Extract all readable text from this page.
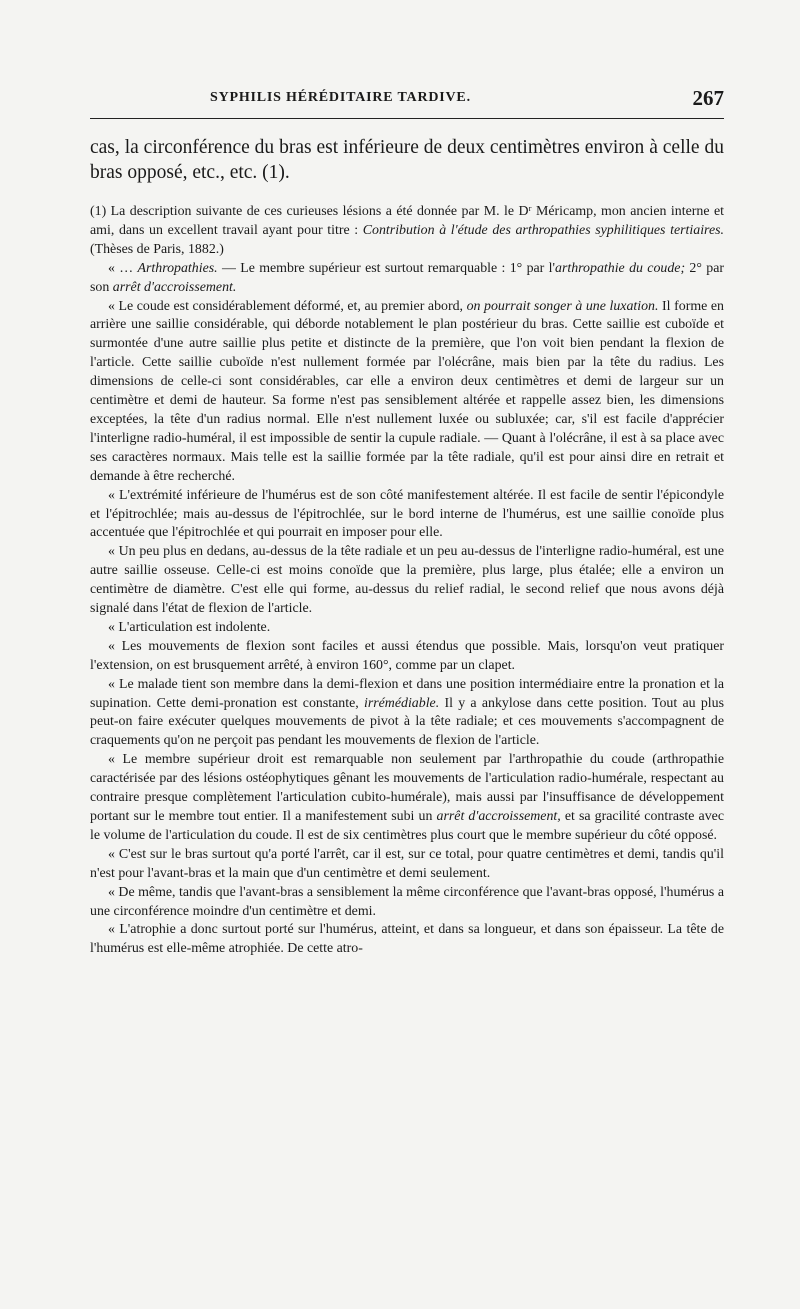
SYPHILIS HÉRÉDITAIRE TARDIVE.	267

cas, la circonférence du bras est inférieure de deux centimètres environ à celle du bras opposé, etc., etc. (1).

(1) La description suivante de ces curieuses lésions a été donnée par M. le Dʳ Méricamp, mon ancien interne et ami, dans un excellent travail ayant pour titre : Contribution à l'étude des arthropathies syphilitiques tertiaires. (Thèses de Paris, 1882.)

« … Arthropathies. — Le membre supérieur est surtout remarquable : 1° par l'arthropathie du coude; 2° par son arrêt d'accroissement.

« Le coude est considérablement déformé, et, au premier abord, on pourrait songer à une luxation. Il forme en arrière une saillie considérable, qui déborde notablement le plan postérieur du bras. Cette saillie est cuboïde et surmontée d'une autre saillie plus petite et distincte de la première, que l'on voit bien pendant la flexion de l'article. Cette saillie cuboïde n'est nullement formée par l'olécrâne, mais bien par la tête du radius. Les dimensions de celle-ci sont considérables, car elle a environ deux centimètres et demi de largeur sur un centimètre et demi de hauteur. Sa forme n'est pas sensiblement altérée et rappelle assez bien, les dimensions exceptées, la tête d'un radius normal. Elle n'est nullement luxée ou subluxée; car, s'il est facile d'apprécier l'interligne radio-huméral, il est impossible de sentir la cupule radiale. — Quant à l'olécrâne, il est à sa place avec ses caractères normaux. Mais telle est la saillie formée par la tête radiale, qu'il est pour ainsi dire en retrait et demande à être recherché.

« L'extrémité inférieure de l'humérus est de son côté manifestement altérée. Il est facile de sentir l'épicondyle et l'épitrochlée; mais au-dessus de l'épitrochlée, sur le bord interne de l'humérus, est une saillie conoïde plus accentuée que l'épitrochlée et qui pourrait en imposer pour elle.

« Un peu plus en dedans, au-dessus de la tête radiale et un peu au-dessus de l'interligne radio-huméral, est une autre saillie osseuse. Celle-ci est moins conoïde que la première, plus large, plus étalée; elle a environ un centimètre de diamètre. C'est elle qui forme, au-dessus du relief radial, le second relief que nous avons déjà signalé dans l'état de flexion de l'article.

« L'articulation est indolente.

« Les mouvements de flexion sont faciles et aussi étendus que possible. Mais, lorsqu'on veut pratiquer l'extension, on est brusquement arrêté, à environ 160°, comme par un clapet.

« Le malade tient son membre dans la demi-flexion et dans une position intermédiaire entre la pronation et la supination. Cette demi-pronation est constante, irrémédiable. Il y a ankylose dans cette position. Tout au plus peut-on faire exécuter quelques mouvements de pivot à la tête radiale; et ces mouvements s'accompagnent de craquements qu'on ne perçoit pas pendant les mouvements de flexion de l'article.

« Le membre supérieur droit est remarquable non seulement par l'arthropathie du coude (arthropathie caractérisée par des lésions ostéophytiques gênant les mouvements de l'articulation radio-humérale, respectant au contraire presque complètement l'articulation cubito-humérale), mais aussi par l'insuffisance de développement portant sur le membre tout entier. Il a manifestement subi un arrêt d'accroissement, et sa gracilité contraste avec le volume de l'articulation du coude. Il est de six centimètres plus court que le membre supérieur du côté opposé.

« C'est sur le bras surtout qu'a porté l'arrêt, car il est, sur ce total, pour quatre centimètres et demi, tandis qu'il n'est pour l'avant-bras et la main que d'un centimètre et demi seulement.

« De même, tandis que l'avant-bras a sensiblement la même circonférence que l'avant-bras opposé, l'humérus a une circonférence moindre d'un centimètre et demi.

« L'atrophie a donc surtout porté sur l'humérus, atteint, et dans sa longueur, et dans son épaisseur. La tête de l'humérus est elle-même atrophiée. De cette atro-
